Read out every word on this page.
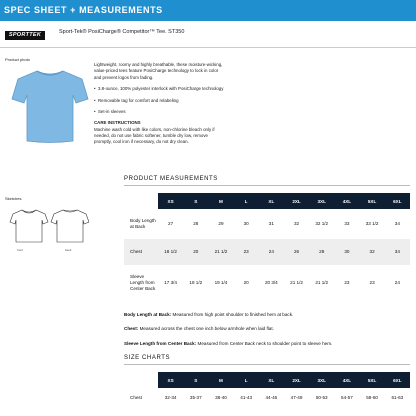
SPEC SHEET + MEASUREMENTS
SPORTTEK	Sport-Tek® PosiCharge® Competitor™ Tee. ST350
Product photo

Lightweight, roomy and highly breathable, these moisture-wicking, value-priced tees feature PosiCharge technology to lock in color and prevent logos from fading.

• 3.8-ounce, 100% polyester interlock with PosiCharge technology
• Removable tag for comfort and relabeling
• Set-in sleeves

CARE INSTRUCTIONS

Machine wash cold with like colors, non-chlorine bleach only if needed, do not use fabric softener, tumble dry low, remove promptly, cool iron if necessary, do not dry clean.

Sketches
front	back
PRODUCT MEASUREMENTS
	XS	S	M	L	XL	2XL	3XL	4XL	5XL	6XL
Body Length at Back	27	28	29	30	31	32	32 1/2	33	33 1/2	34
Chest	18 1/2	20	21 1/2	23	24	26	28	30	32	34
Sleeve Length from Center Back	17 3/4	18 1/2	19 1/4	20	20 3/4	21 1/2	21 1/2	23	23	24

Body Length at Back: Measured from high point shoulder to finished hem at back.

Chest: Measured across the chest one inch below armhole when laid flat.

Sleeve Length from Center Back: Measured from Center Back neck to shoulder point to sleeve hem.

SIZE CHARTS
	XS	S	M	L	XL	2XL	3XL	4XL	5XL	6XL
Chest	32-34	35-37	38-40	41-43	44-46	47-49	50-53	54-57	58-60	61-63
